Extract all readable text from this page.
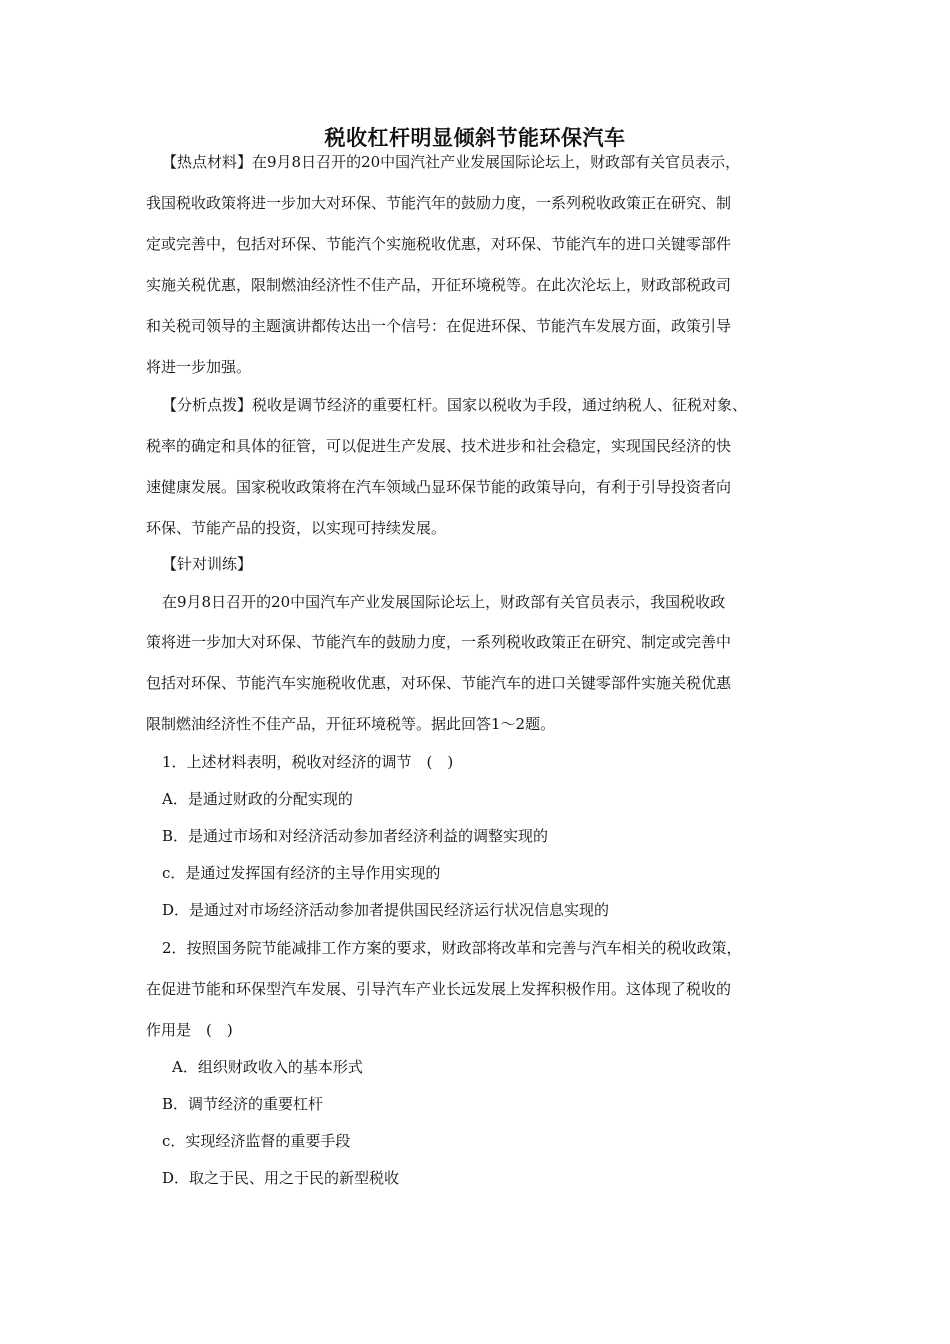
税收杠杆明显倾斜节能环保汽车
【热点材料】在9月8日召开的20中国汽社产业发展国际论坛上，财政部有关官员表示，
我国税收政策将进一步加大对环保、节能汽年的鼓励力度，一系列税收政策正在研究、制
定或完善中，包括对环保、节能汽个实施税收优惠，对环保、节能汽车的进口关键零部件
实施关税优惠，限制燃油经济性不佳产品，开征环境税等。在此次沦坛上，财政部税政司
和关税司领导的主题演讲都传达出一个信号：在促进环保、节能汽车发展方面，政策引导
将进一步加强。
【分析点拨】税收是调节经济的重要杠杆。国家以税收为手段，通过纳税人、征税对象、
税率的确定和具体的征管，可以促进生产发展、技术进步和社会稳定，实现国民经济的快
速健康发展。国家税收政策将在汽车领域凸显环保节能的政策导向，有利于引导投资者向
环保、节能产品的投资，以实现可持续发展。
【针对训练】
在9月8日召开的20中国汽车产业发展国际论坛上，财政部有关官员表示，我国税收政
策将进一步加大对环保、节能汽车的鼓励力度，一系列税收政策正在研究、制定或完善中
包括对环保、节能汽车实施税收优惠，对环保、节能汽车的进口关键零部件实施关税优惠
限制燃油经济性不佳产品，开征环境税等。据此回答1～2题。
1．上述材料表明，税收对经济的调节　(　)
A．是通过财政的分配实现的
B．是通过市场和对经济活动参加者经济利益的调整实现的
c．是通过发挥国有经济的主导作用实现的
D．是通过对市场经济活动参加者提供国民经济运行状况信息实现的
2．按照国务院节能减排工作方案的要求，财政部将改革和完善与汽车相关的税收政策，
在促进节能和环保型汽车发展、引导汽车产业长远发展上发挥积极作用。这体现了税收的
作用是　(　)
A．组织财政收入的基本形式
B．调节经济的重要杠杆
c．实现经济监督的重要手段
D．取之于民、用之于民的新型税收
